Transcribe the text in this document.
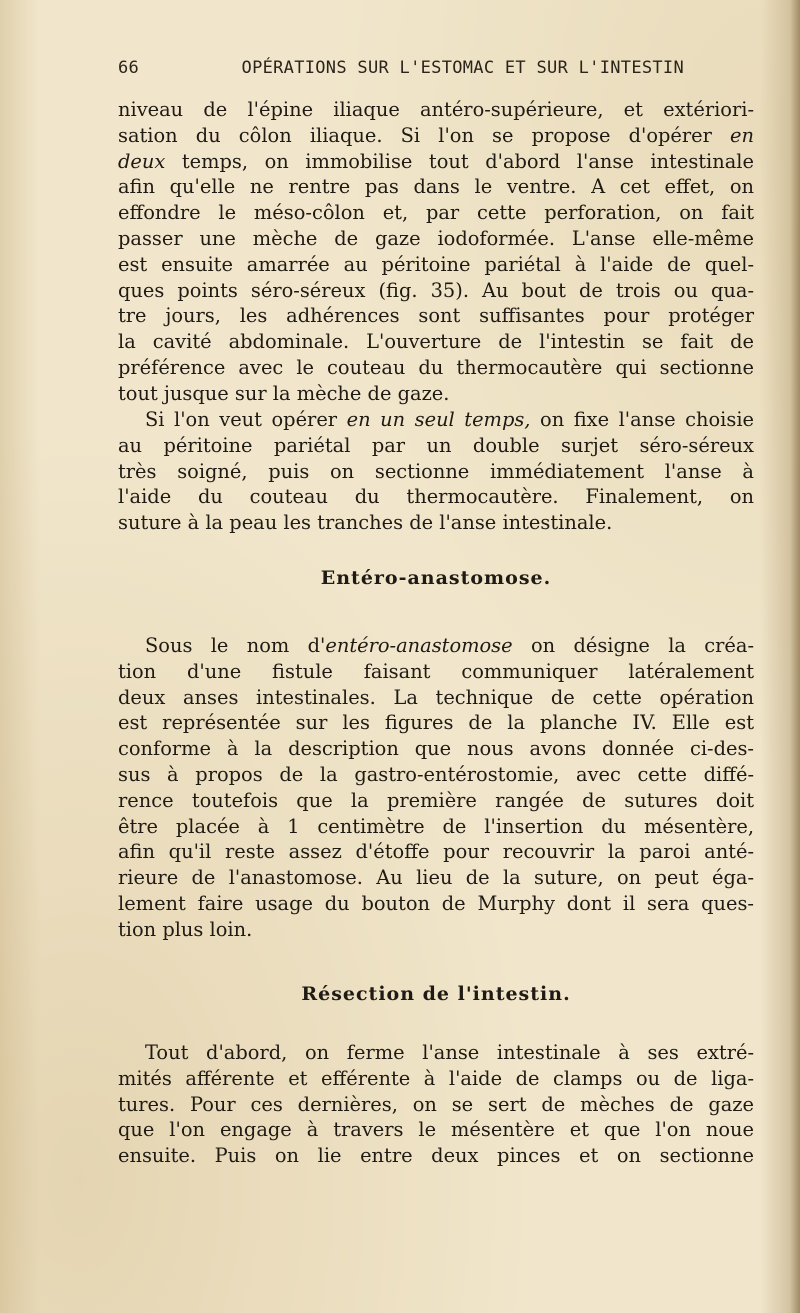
66	OPÉRATIONS SUR L'ESTOMAC ET SUR L'INTESTIN
niveau de l'épine iliaque antéro-supérieure, et extériori-
sation du côlon iliaque. Si l'on se propose d'opérer en
deux temps, on immobilise tout d'abord l'anse intestinale
afin qu'elle ne rentre pas dans le ventre. A cet effet, on
effondre le méso-côlon et, par cette perforation, on fait
passer une mèche de gaze iodoformée. L'anse elle-même
est ensuite amarrée au péritoine pariétal à l'aide de quel-
ques points séro-séreux (fig. 35). Au bout de trois ou qua-
tre jours, les adhérences sont suffisantes pour protéger
la cavité abdominale. L'ouverture de l'intestin se fait de
préférence avec le couteau du thermocautère qui sectionne
tout jusque sur la mèche de gaze.
Si l'on veut opérer en un seul temps, on fixe l'anse choisie
au péritoine pariétal par un double surjet séro-séreux
très soigné, puis on sectionne immédiatement l'anse à
l'aide du couteau du thermocautère. Finalement, on
suture à la peau les tranches de l'anse intestinale.
Entéro-anastomose.
Sous le nom d'entéro-anastomose on désigne la créa-
tion d'une fistule faisant communiquer latéralement
deux anses intestinales. La technique de cette opération
est représentée sur les figures de la planche IV. Elle est
conforme à la description que nous avons donnée ci-des-
sus à propos de la gastro-entérostomie, avec cette diffé-
rence toutefois que la première rangée de sutures doit
être placée à 1 centimètre de l'insertion du mésentère,
afin qu'il reste assez d'étoffe pour recouvrir la paroi anté-
rieure de l'anastomose. Au lieu de la suture, on peut éga-
lement faire usage du bouton de Murphy dont il sera ques-
tion plus loin.
Résection de l'intestin.
Tout d'abord, on ferme l'anse intestinale à ses extré-
mités afférente et efférente à l'aide de clamps ou de liga-
tures. Pour ces dernières, on se sert de mèches de gaze
que l'on engage à travers le mésentère et que l'on noue
ensuite. Puis on lie entre deux pinces et on sectionne
